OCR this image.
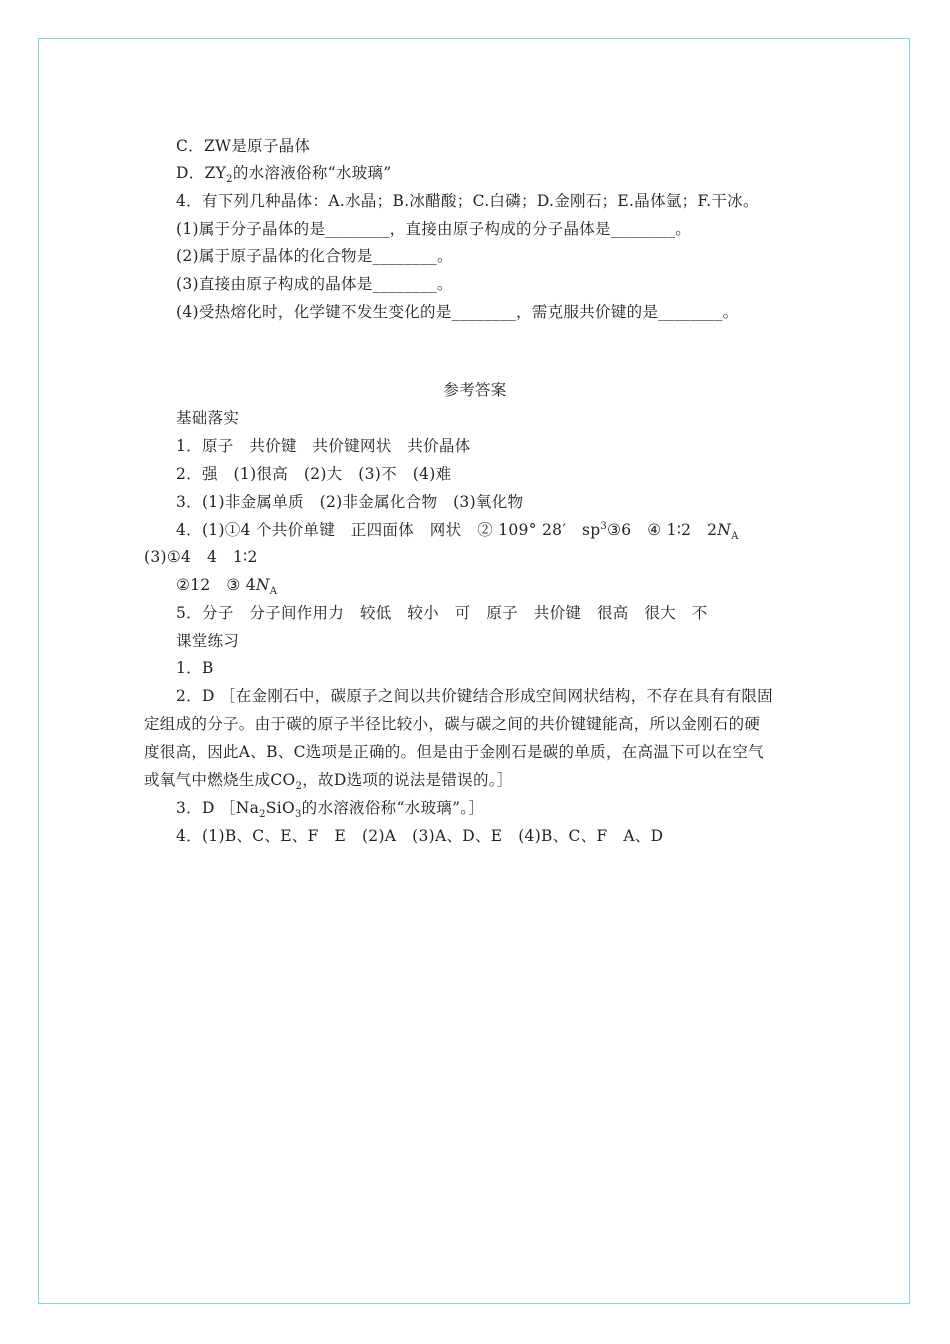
C．ZW是原子晶体
D．$ZY_2$的水溶液俗称“水玻璃”
4．有下列几种晶体：A.水晶；B.冰醋酸；C.白磷；D.金刚石；E.晶体氩；F.干冰。
(1)属于分子晶体的是________，直接由原子构成的分子晶体是________。
(2)属于原子晶体的化合物是________。
(3)直接由原子构成的晶体是________。
(4)受热熔化时，化学键不发生变化的是________，需克服共价键的是________。
参考答案
基础落实
1．原子　共价键　共价键网状　共价晶体
2．强　(1)很高　(2)大　(3)不　(4)难
3．(1)非金属单质　(2)非金属化合物　(3)氧化物
4．(1)①4 个共价单键　正四面体　网状　② 109° 28′　$sp^3③6$　④ 1∶2　$2N_A$
(3)①4　4　1∶2
②12　③ $4N_A$
5．分子　分子间作用力　较低　较小　可　原子　共价键　很高　很大　不
课堂练习
1．B
2．D ［在金刚石中，碳原子之间以共价键结合形成空间网状结构，不存在具有有限固
定组成的分子。由于碳的原子半径比较小，碳与碳之间的共价键键能高，所以金刚石的硬
度很高，因此A、B、C选项是正确的。但是由于金刚石是碳的单质，在高温下可以在空气
或氧气中燃烧生成$CO_2$，故D选项的说法是错误的。］
3．D $[Na_2SiO_3$的水溶液俗称“水玻璃”。］
4．(1)B、C、E、F　E　(2)A　(3)A、D、E　(4)B、C、F　A、D
